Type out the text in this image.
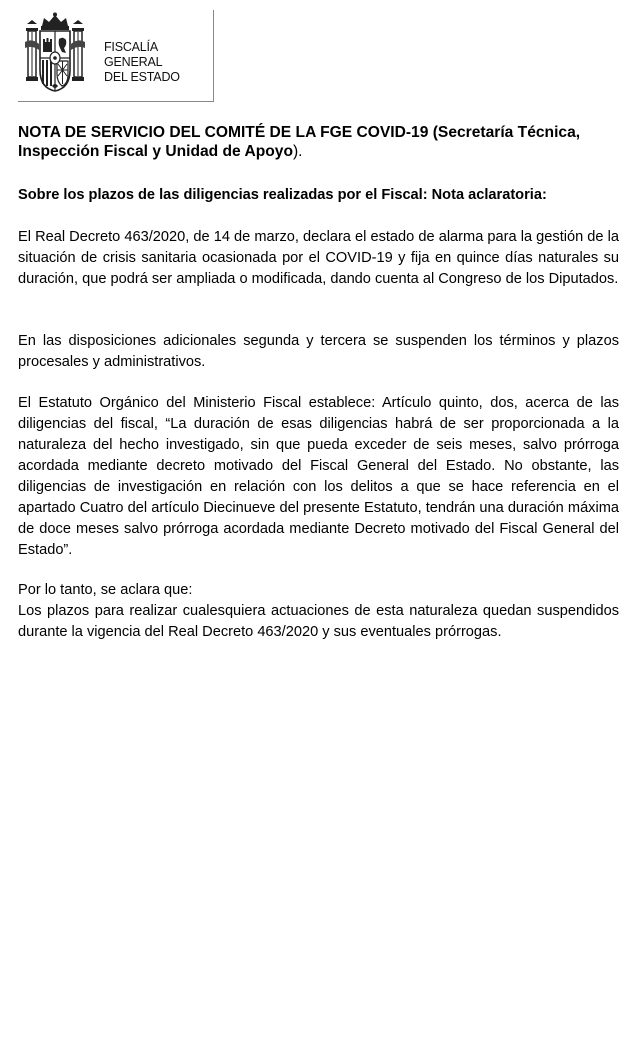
FISCALÍA GENERAL
DEL ESTADO

NOTA DE SERVICIO DEL COMITÉ DE LA FGE COVID-19 (Secretaría Técnica, Inspección Fiscal y Unidad de Apoyo).

Sobre los plazos de las diligencias realizadas por el Fiscal: Nota aclaratoria:

El Real Decreto 463/2020, de 14 de marzo, declara el estado de alarma para la gestión de la situación de crisis sanitaria ocasionada por el COVID-19 y fija en quince días naturales su duración, que podrá ser ampliada o modificada, dando cuenta al Congreso de los Diputados.

En las disposiciones adicionales segunda y tercera se suspenden los términos y plazos procesales y administrativos.

El Estatuto Orgánico del Ministerio Fiscal establece: Artículo quinto, dos, acerca de las diligencias del fiscal, “La duración de esas diligencias habrá de ser proporcionada a la naturaleza del hecho investigado, sin que pueda exceder de seis meses, salvo prórroga acordada mediante decreto motivado del Fiscal General del Estado. No obstante, las diligencias de investigación en relación con los delitos a que se hace referencia en el apartado Cuatro del artículo Diecinueve del presente Estatuto, tendrán una duración máxima de doce meses salvo prórroga acordada mediante Decreto motivado del Fiscal General del Estado”.

Por lo tanto, se aclara que:

Los plazos para realizar cualesquiera actuaciones de esta naturaleza quedan suspendidos durante la vigencia del Real Decreto 463/2020 y sus eventuales prórrogas.
